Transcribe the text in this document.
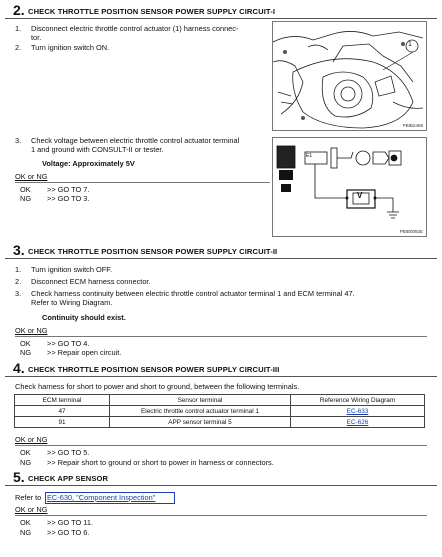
2. CHECK THROTTLE POSITION SENSOR POWER SUPPLY CIRCUIT-I
1. Disconnect electric throttle control actuator (1) harness connec-
tor.
2. Turn ignition switch ON.	1
PBIB2469
3. Check voltage between electric throttle control actuator terminal
1 and ground with CONSULT-II or tester.
Voltage: Approximately 5V
E1
V
PBIB0082E
OK or NG
OK >> GO TO 7.
NG >> GO TO 3.
3. CHECK THROTTLE POSITION SENSOR POWER SUPPLY CIRCUIT-II
1. Turn ignition switch OFF.
2. Disconnect ECM harness connector.
3. Check harness continuity between electric throttle control actuator terminal 1 and ECM terminal 47.
Refer to Wiring Diagram.
Continuity should exist.
OK or NG
OK >> GO TO 4.
NG >> Repair open circuit.
4. CHECK THROTTLE POSITION SENSOR POWER SUPPLY CIRCUIT-III
Check harness for short to power and short to ground, between the following terminals.
ECM terminal	Sensor terminal	Reference Wiring Diagram
47	Electric throttle control actuator terminal 1	EC-633
91	APP sensor terminal 5	EC-626
OK or NG
OK >> GO TO 5.
NG >> Repair short to ground or short to power in harness or connectors.
5. CHECK APP SENSOR
Refer to EC-630, "Component Inspection"
OK or NG
OK >> GO TO 11.
NG >> GO TO 6.
